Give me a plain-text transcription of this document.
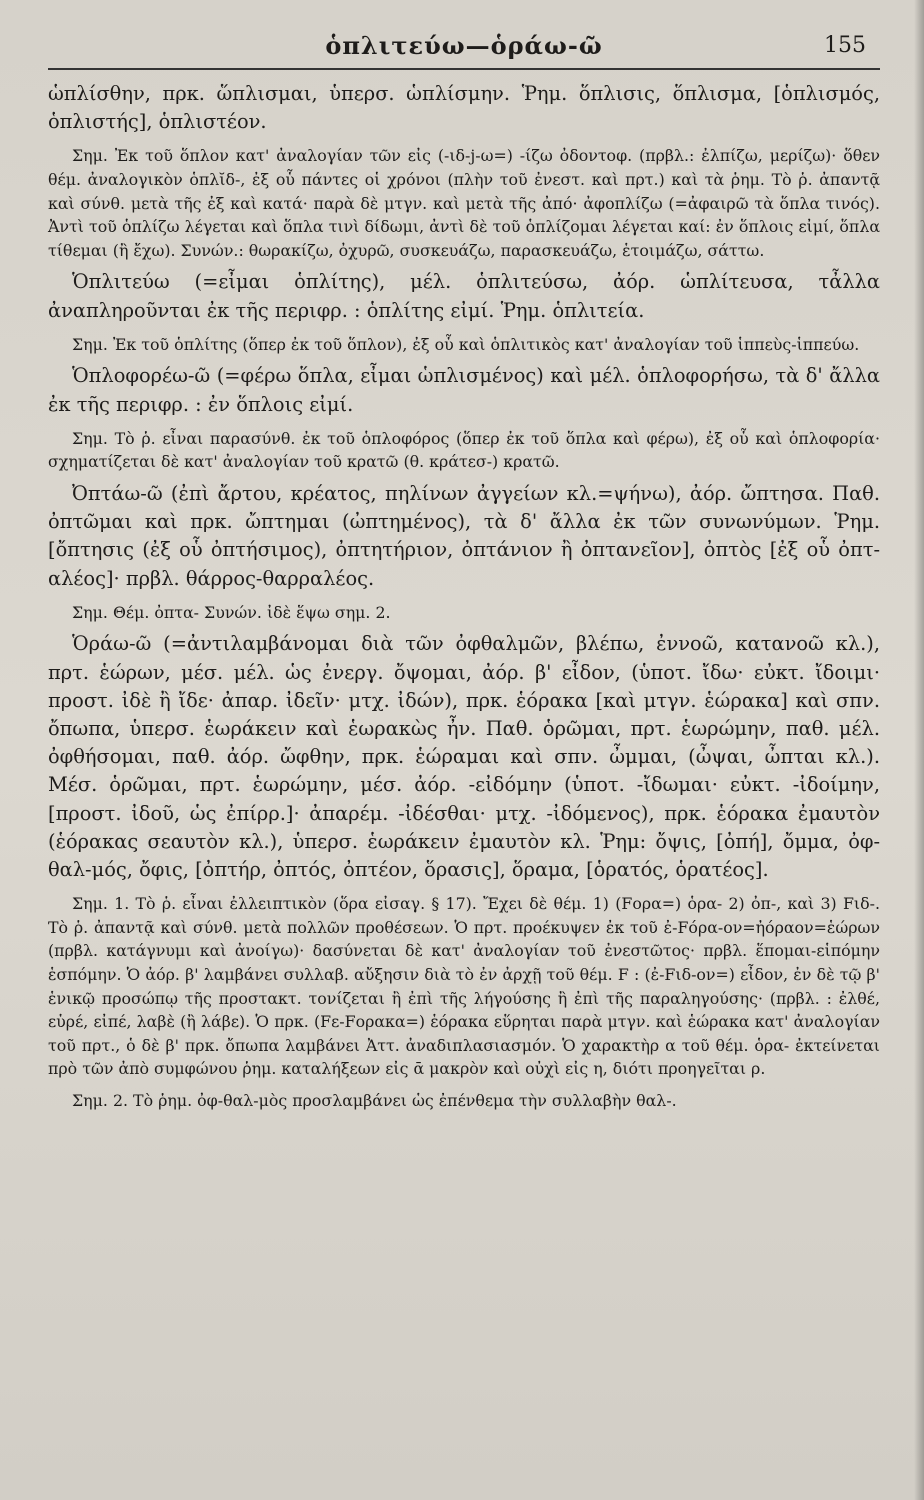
ὁπλιτεύω—ὁράω-ῶ	155

ὡπλίσθην, πρκ. ὥπλισμαι, ὑπερσ. ὡπλίσμην. Ῥημ. ὅπλισις, ὅπλισμα, [ὁπλισμός, ὁπλιστής], ὁπλιστέον.

Σημ. Ἐκ τοῦ ὅπλον κατ' ἀναλογίαν τῶν εἰς (-ιδ-j-ω=) -ίζω ὀδοντοφ. (πρβλ.: ἐλπίζω, μερίζω)· ὅθεν θέμ. ἀναλογικὸν ὁπλῐδ-, ἐξ οὗ πάντες οἱ χρόνοι (πλὴν τοῦ ἐνεστ. καὶ πρτ.) καὶ τὰ ῥημ. Τὸ ῥ. ἀπαντᾷ καὶ σύνθ. μετὰ τῆς ἐξ καὶ κατά· παρὰ δὲ μτγν. καὶ μετὰ τῆς ἀπό· ἀφοπλίζω (=ἀφαιρῶ τὰ ὅπλα τινός). Ἀντὶ τοῦ ὁπλίζω λέγεται καὶ ὅπλα τινὶ δίδωμι, ἀντὶ δὲ τοῦ ὁπλίζομαι λέγεται καί: ἐν ὅπλοις εἰμί, ὅπλα τίθεμαι (ἢ ἔχω). Συνών.: θωρακίζω, ὀχυρῶ, συσκευάζω, παρασκευάζω, ἑτοιμάζω, σάττω.

Ὁπλιτεύω (=εἶμαι ὁπλίτης), μέλ. ὁπλιτεύσω, ἀόρ. ὡπλίτευσα, τἆλλα ἀναπληροῦνται ἐκ τῆς περιφρ. : ὁπλίτης εἰμί. Ῥημ. ὁπλιτεία.

Σημ. Ἐκ τοῦ ὁπλίτης (ὅπερ ἐκ τοῦ ὅπλον), ἐξ οὗ καὶ ὁπλιτικὸς κατ' ἀναλογίαν τοῦ ἱππεὺς-ἱππεύω.

Ὁπλοφορέω-ῶ (=φέρω ὅπλα, εἶμαι ὡπλισμένος) καὶ μέλ. ὁπλοφορήσω, τὰ δ' ἄλλα ἐκ τῆς περιφρ. : ἐν ὅπλοις εἰμί.

Σημ. Τὸ ῥ. εἶναι παρασύνθ. ἐκ τοῦ ὁπλοφόρος (ὅπερ ἐκ τοῦ ὅπλα καὶ φέρω), ἐξ οὗ καὶ ὁπλοφορία· σχηματίζεται δὲ κατ' ἀναλογίαν τοῦ κρατῶ (θ. κράτεσ-) κρατῶ.

Ὀπτάω-ῶ (ἐπὶ ἄρτου, κρέατος, πηλίνων ἀγγείων κλ.=ψήνω), ἀόρ. ὤπτησα. Παθ. ὀπτῶμαι καὶ πρκ. ὤπτημαι (ὠπτημένος), τὰ δ' ἄλλα ἐκ τῶν συνωνύμων. Ῥημ. [ὄπτησις (ἐξ οὗ ὀπτήσιμος), ὀπτητήριον, ὀπτάνιον ἢ ὀπτανεῖον], ὀπτὸς [ἐξ οὗ ὀπτ-αλέος]· πρβλ. θάρρος-θαρραλέος.

Σημ. Θέμ. ὀπτα- Συνών. ἰδὲ ἕψω σημ. 2.

Ὁράω-ῶ (=ἀντιλαμβάνομαι διὰ τῶν ὀφθαλμῶν, βλέπω, ἐννοῶ, κατανοῶ κλ.), πρτ. ἑώρων, μέσ. μέλ. ὡς ἐνεργ. ὄψομαι, ἀόρ. β' εἶδον, (ὑποτ. ἴδω· εὐκτ. ἴδοιμι· προστ. ἰδὲ ἢ ἴδε· ἀπαρ. ἰδεῖν· μτχ. ἰδών), πρκ. ἑόρακα [καὶ μτγν. ἑώρακα] καὶ σπν. ὄπωπα, ὑπερσ. ἑωράκειν καὶ ἑωρακὼς ἦν. Παθ. ὁρῶμαι, πρτ. ἑωρώμην, παθ. μέλ. ὀφθήσομαι, παθ. ἀόρ. ὤφθην, πρκ. ἑώραμαι καὶ σπν. ὦμμαι, (ὦψαι, ὦπται κλ.). Μέσ. ὁρῶμαι, πρτ. ἑωρώμην, μέσ. ἀόρ. -εἰδόμην (ὑποτ. -ἴδωμαι· εὐκτ. -ἰδοίμην, [προστ. ἰδοῦ, ὡς ἐπίρρ.]· ἀπαρέμ. -ἰδέσθαι· μτχ. -ἰδόμενος), πρκ. ἑόρακα ἐμαυτὸν (ἑόρακας σεαυτὸν κλ.), ὑπερσ. ἑωράκειν ἐμαυτὸν κλ. Ῥημ: ὄψις, [ὀπή], ὄμμα, ὀφ-θαλ-μός, ὄφις, [ὀπτήρ, ὀπτός, ὀπτέον, ὅρασις], ὅραμα, [ὁρατός, ὁρατέος].

Σημ. 1. Τὸ ῥ. εἶναι ἐλλειπτικὸν (ὅρα εἰσαγ. § 17). Ἔχει δὲ θέμ. 1) (Fορα=) ὁρα- 2) ὀπ-, καὶ 3) Fιδ-. Τὸ ῥ. ἀπαντᾷ καὶ σύνθ. μετὰ πολλῶν προθέσεων. Ὁ πρτ. προέκυψεν ἐκ τοῦ ἐ-Fόρα-ον=ἠόραον=ἑώρων (πρβλ. κατάγνυμι καὶ ἀνοίγω)· δασύνεται δὲ κατ' ἀναλογίαν τοῦ ἐνεστῶτος· πρβλ. ἕπομαι-εἱπόμην ἑσπόμην. Ὁ ἀόρ. β' λαμβάνει συλλαβ. αὔξησιν διὰ τὸ ἐν ἀρχῇ τοῦ θέμ. F : (ἐ-Fιδ-ον=) εἶδον, ἐν δὲ τῷ β' ἑνικῷ προσώπῳ τῆς προστακτ. τονίζεται ἢ ἐπὶ τῆς λήγούσης ἢ ἐπὶ τῆς παραληγούσης· (πρβλ. : ἐλθέ, εὑρέ, εἰπέ, λαβὲ (ἢ λάβε). Ὁ πρκ. (Fε-Fορακα=) ἑόρακα εὕρηται παρὰ μτγν. καὶ ἑώρακα κατ' ἀναλογίαν τοῦ πρτ., ὁ δὲ β' πρκ. ὄπωπα λαμβάνει Ἀττ. ἀναδιπλασιασμόν. Ὁ χαρακτὴρ α τοῦ θέμ. ὁρα- ἐκτείνεται πρὸ τῶν ἀπὸ συμφώνου ῥημ. καταλήξεων εἰς ᾱ μακρὸν καὶ οὐχὶ εἰς η, διότι προηγεῖται ρ.

Σημ. 2. Τὸ ῥημ. ὀφ-θαλ-μὸς προσλαμβάνει ὡς ἐπένθεμα τὴν συλλαβὴν θαλ-.
